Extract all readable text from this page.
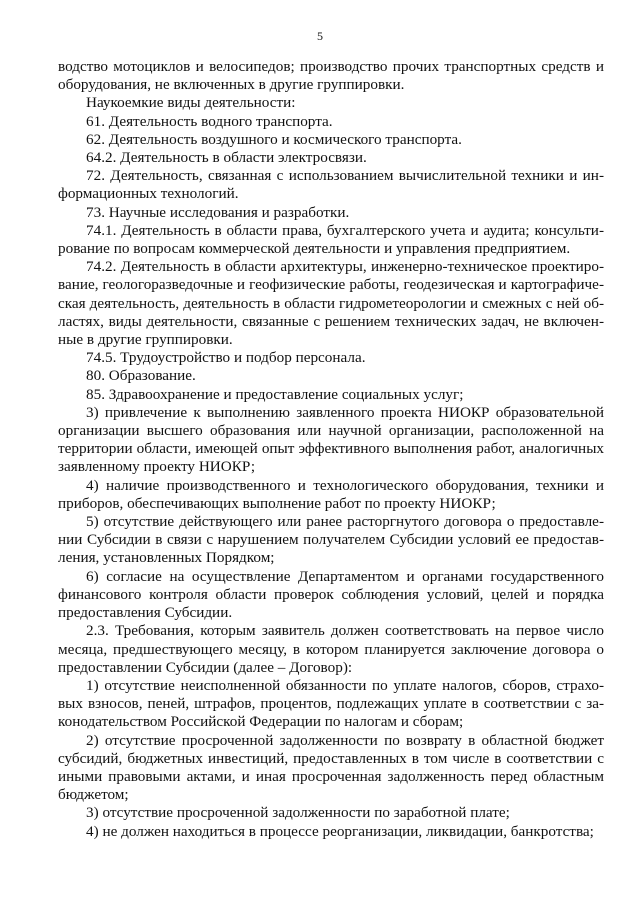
5

водство мотоциклов и велосипедов; производство прочих транспортных средств и оборудования, не включенных в другие группировки.

Наукоемкие виды деятельности:

61. Деятельность водного транспорта.

62. Деятельность воздушного и космического транспорта.

64.2. Деятельность в области электросвязи.

72. Деятельность, связанная с использованием вычислительной техники и информационных технологий.

73. Научные исследования и разработки.

74.1. Деятельность в области права, бухгалтерского учета и аудита; консультирование по вопросам коммерческой деятельности и управления предприятием.

74.2. Деятельность в области архитектуры, инженерно-техническое проектирование, геологоразведочные и геофизические работы, геодезическая и картографическая деятельность, деятельность в области гидрометеорологии и смежных с ней областях, виды деятельности, связанные с решением технических задач, не включенные в другие группировки.

74.5. Трудоустройство и подбор персонала.

80. Образование.

85. Здравоохранение и предоставление социальных услуг;

3) привлечение к выполнению заявленного проекта НИОКР образовательной организации высшего образования или научной организации, расположенной на территории области, имеющей опыт эффективного выполнения работ, аналогичных заявленному проекту НИОКР;

4) наличие производственного и технологического оборудования, техники и приборов, обеспечивающих выполнение работ по проекту НИОКР;

5) отсутствие действующего или ранее расторгнутого договора о предоставлении Субсидии в связи с нарушением получателем Субсидии условий ее предоставления, установленных Порядком;

6) согласие на осуществление Департаментом и органами государственного финансового контроля области проверок соблюдения условий, целей и порядка предоставления Субсидии.

2.3. Требования, которым заявитель должен соответствовать на первое число месяца, предшествующего месяцу, в котором планируется заключение договора о предоставлении Субсидии (далее – Договор):

1) отсутствие неисполненной обязанности по уплате налогов, сборов, страховых взносов, пеней, штрафов, процентов, подлежащих уплате в соответствии с законодательством Российской Федерации по налогам и сборам;

2) отсутствие просроченной задолженности по возврату в областной бюджет субсидий, бюджетных инвестиций, предоставленных в том числе в соответствии с иными правовыми актами, и иная просроченная задолженность перед областным бюджетом;

3) отсутствие просроченной задолженности по заработной плате;

4) не должен находиться в процессе реорганизации, ликвидации, банкротства;
